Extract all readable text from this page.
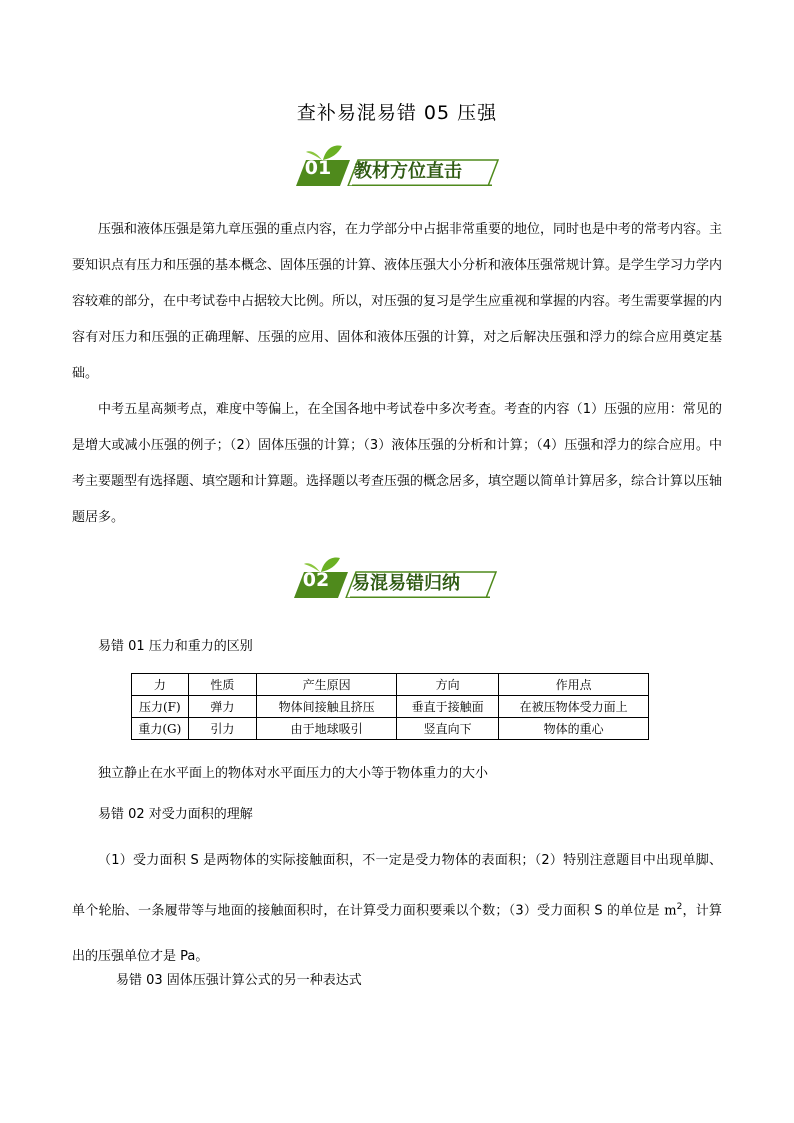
查补易混易错 05 压强
01	教材方位直击
压强和液体压强是第九章压强的重点内容，在力学部分中占据非常重要的地位，同时也是中考的常考内容。主要知识点有压力和压强的基本概念、固体压强的计算、液体压强大小分析和液体压强常规计算。是学生学习力学内容较难的部分，在中考试卷中占据较大比例。所以，对压强的复习是学生应重视和掌握的内容。考生需要掌握的内容有对压力和压强的正确理解、压强的应用、固体和液体压强的计算，对之后解决压强和浮力的综合应用奠定基础。
中考五星高频考点，难度中等偏上，在全国各地中考试卷中多次考查。考查的内容（1）压强的应用：常见的是增大或减小压强的例子；（2）固体压强的计算；（3）液体压强的分析和计算；（4）压强和浮力的综合应用。中考主要题型有选择题、填空题和计算题。选择题以考查压强的概念居多，填空题以简单计算居多，综合计算以压轴题居多。
02	易混易错归纳
易错 01 压力和重力的区别
力	性质	产生原因	方向	作用点
压力(F)	弹力	物体间接触且挤压	垂直于接触面	在被压物体受力面上
重力(G)	引力	由于地球吸引	竖直向下	物体的重心
独立静止在水平面上的物体对水平面压力的大小等于物体重力的大小
易错 02 对受力面积的理解
（1）受力面积 S 是两物体的实际接触面积，不一定是受力物体的表面积；（2）特别注意题目中出现单脚、单个轮胎、一条履带等与地面的接触面积时，在计算受力面积要乘以个数；（3）受力面积 S 的单位是 $m^2$，计算出的压强单位才是 Pa。
易错 03 固体压强计算公式的另一种表达式
